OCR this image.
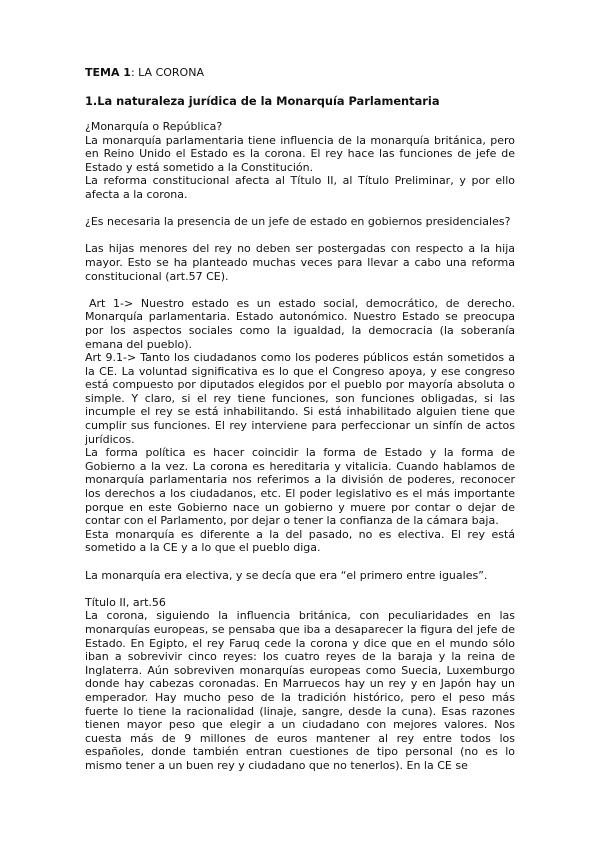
TEMA 1: LA CORONA
1.La naturaleza jurídica de la Monarquía Parlamentaria

¿Monarquía o República?

La monarquía parlamentaria tiene influencia de la monarquía británica, pero en Reino Unido el Estado es la corona. El rey hace las funciones de jefe de Estado y está sometido a la Constitución.

La reforma constitucional afecta al Título II, al Título Preliminar, y por ello afecta a la corona.

¿Es necesaria la presencia de un jefe de estado en gobiernos presidenciales?

Las hijas menores del rey no deben ser postergadas con respecto a la hija mayor. Esto se ha planteado muchas veces para llevar a cabo una reforma constitucional (art.57 CE).

Art 1-> Nuestro estado es un estado social, democrático, de derecho. Monarquía parlamentaria. Estado autonómico. Nuestro Estado se preocupa por los aspectos sociales como la igualdad, la democracia (la soberanía emana del pueblo).

Art 9.1-> Tanto los ciudadanos como los poderes públicos están sometidos a la CE. La voluntad significativa es lo que el Congreso apoya, y ese congreso está compuesto por diputados elegidos por el pueblo por mayoría absoluta o simple. Y claro, si el rey tiene funciones, son funciones obligadas, si las incumple el rey se está inhabilitando. Si está inhabilitado alguien tiene que cumplir sus funciones. El rey interviene para perfeccionar un sinfín de actos jurídicos.

La forma política es hacer coincidir la forma de Estado y la forma de Gobierno a la vez. La corona es hereditaria y vitalicia. Cuando hablamos de monarquía parlamentaria nos referimos a la división de poderes, reconocer los derechos a los ciudadanos, etc. El poder legislativo es el más importante porque en este Gobierno nace un gobierno y muere por contar o dejar de contar con el Parlamento, por dejar o tener la confianza de la cámara baja.

Esta monarquía es diferente a la del pasado, no es electiva. El rey está sometido a la CE y a lo que el pueblo diga.

La monarquía era electiva, y se decía que era “el primero entre iguales”.

Título II, art.56

La corona, siguiendo la influencia británica, con peculiaridades en las monarquías europeas, se pensaba que iba a desaparecer la figura del jefe de Estado. En Egipto, el rey Faruq cede la corona y dice que en el mundo sólo iban a sobrevivir cinco reyes: los cuatro reyes de la baraja y la reina de Inglaterra. Aún sobreviven monarquías europeas como Suecia, Luxemburgo donde hay cabezas coronadas. En Marruecos hay un rey y en Japón hay un emperador. Hay mucho peso de la tradición histórico, pero el peso más fuerte lo tiene la racionalidad (linaje, sangre, desde la cuna). Esas razones tienen mayor peso que elegir a un ciudadano con mejores valores. Nos cuesta más de 9 millones de euros mantener al rey entre todos los españoles, donde también entran cuestiones de tipo personal (no es lo mismo tener a un buen rey y ciudadano que no tenerlos). En la CE se
